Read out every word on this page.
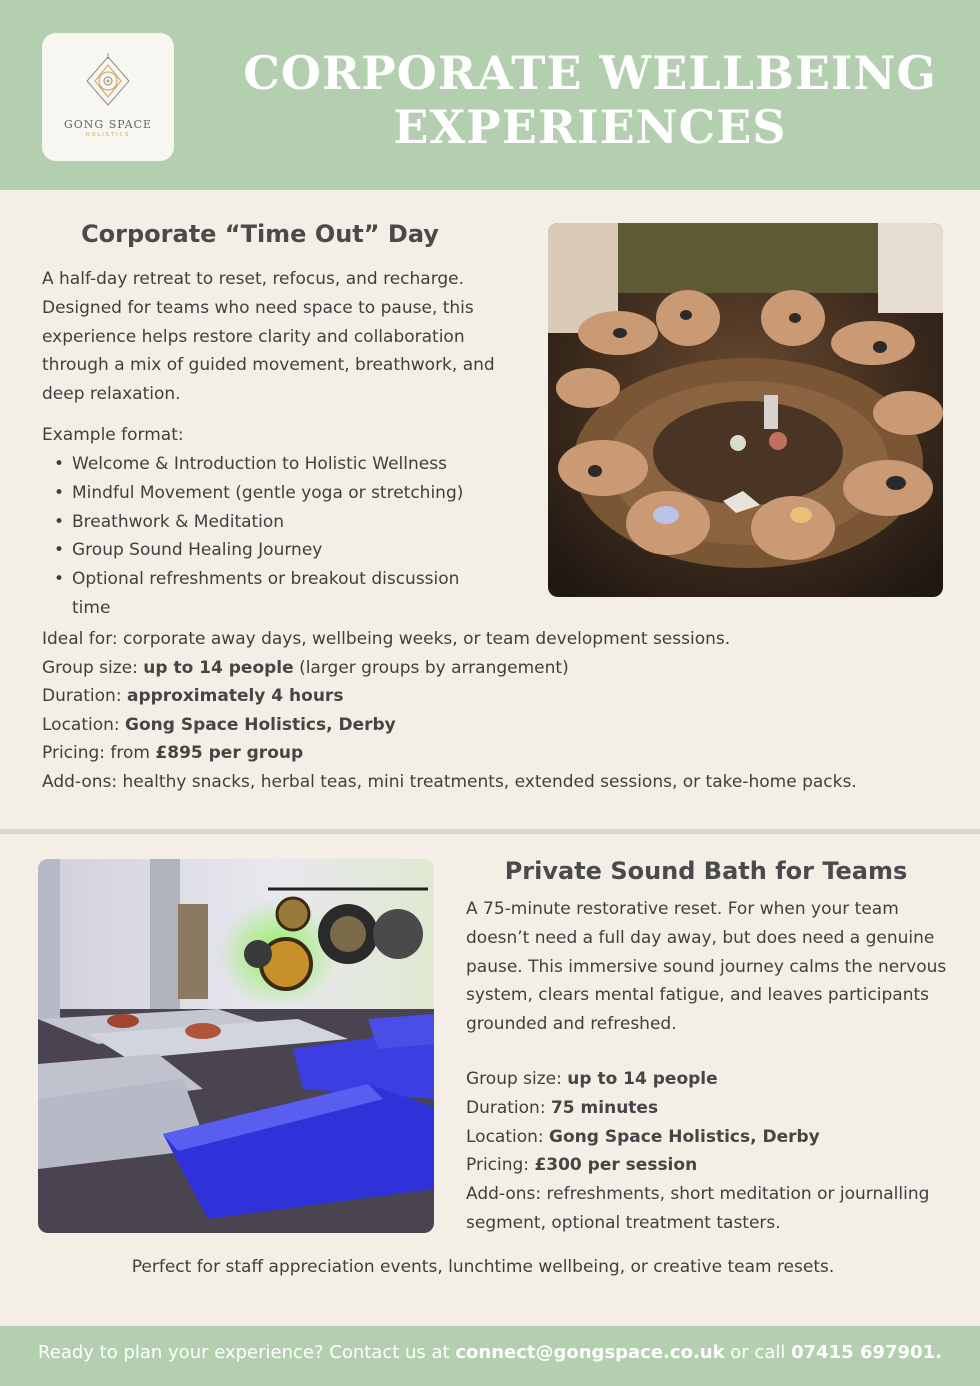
GONG SPACE
HOLISTICS
CORPORATE WELLBEING
EXPERIENCES
Corporate “Time Out” Day

A half-day retreat to reset, refocus, and recharge. Designed for teams who need space to pause, this experience helps restore clarity and collaboration through a mix of guided movement, breathwork, and deep relaxation.

Example format:
• Welcome & Introduction to Holistic Wellness
• Mindful Movement (gentle yoga or stretching)
• Breathwork & Meditation
• Group Sound Healing Journey
• Optional refreshments or breakout discussion time
Ideal for: corporate away days, wellbeing weeks, or team development sessions.
Group size: up to 14 people (larger groups by arrangement)
Duration: approximately 4 hours
Location: Gong Space Holistics, Derby
Pricing: from £895 per group
Add-ons: healthy snacks, herbal teas, mini treatments, extended sessions, or take-home packs.
Private Sound Bath for Teams

A 75-minute restorative reset. For when your team doesn’t need a full day away, but does need a genuine pause. This immersive sound journey calms the nervous system, clears mental fatigue, and leaves participants grounded and refreshed.

Group size: up to 14 people
Duration: 75 minutes
Location: Gong Space Holistics, Derby
Pricing: £300 per session
Add-ons: refreshments, short meditation or journalling segment, optional treatment tasters.
Perfect for staff appreciation events, lunchtime wellbeing, or creative team resets.
Ready to plan your experience? Contact us at connect@gongspace.co.uk or call 07415 697901.
